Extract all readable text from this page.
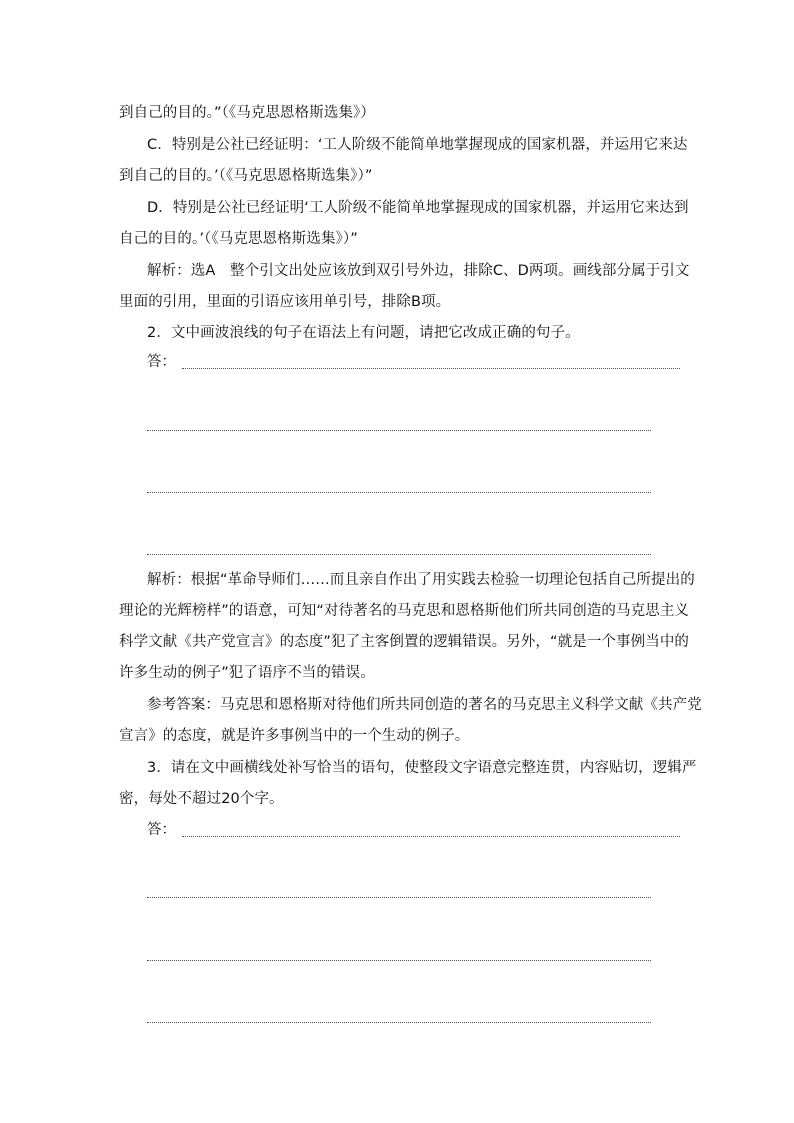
到自己的目的。”（《马克思恩格斯选集》）
C．特别是公社已经证明：‘工人阶级不能简单地掌握现成的国家机器，并运用它来达
到自己的目的。’（《马克思恩格斯选集》）”
D．特别是公社已经证明‘工人阶级不能简单地掌握现成的国家机器，并运用它来达到
自己的目的。’（《马克思恩格斯选集》）”
解析：选A　整个引文出处应该放到双引号外边，排除C、D两项。画线部分属于引文
里面的引用，里面的引语应该用单引号，排除B项。
2．文中画波浪线的句子在语法上有问题，请把它改成正确的句子。
答：
解析：根据“革命导师们……而且亲自作出了用实践去检验一切理论包括自己所提出的
理论的光辉榜样”的语意，可知“对待著名的马克思和恩格斯他们所共同创造的马克思主义
科学文献《共产党宣言》的态度”犯了主客倒置的逻辑错误。另外，“就是一个事例当中的
许多生动的例子”犯了语序不当的错误。
参考答案：马克思和恩格斯对待他们所共同创造的著名的马克思主义科学文献《共产党
宣言》的态度，就是许多事例当中的一个生动的例子。
3．请在文中画横线处补写恰当的语句，使整段文字语意完整连贯，内容贴切，逻辑严
密，每处不超过20个字。
答：
